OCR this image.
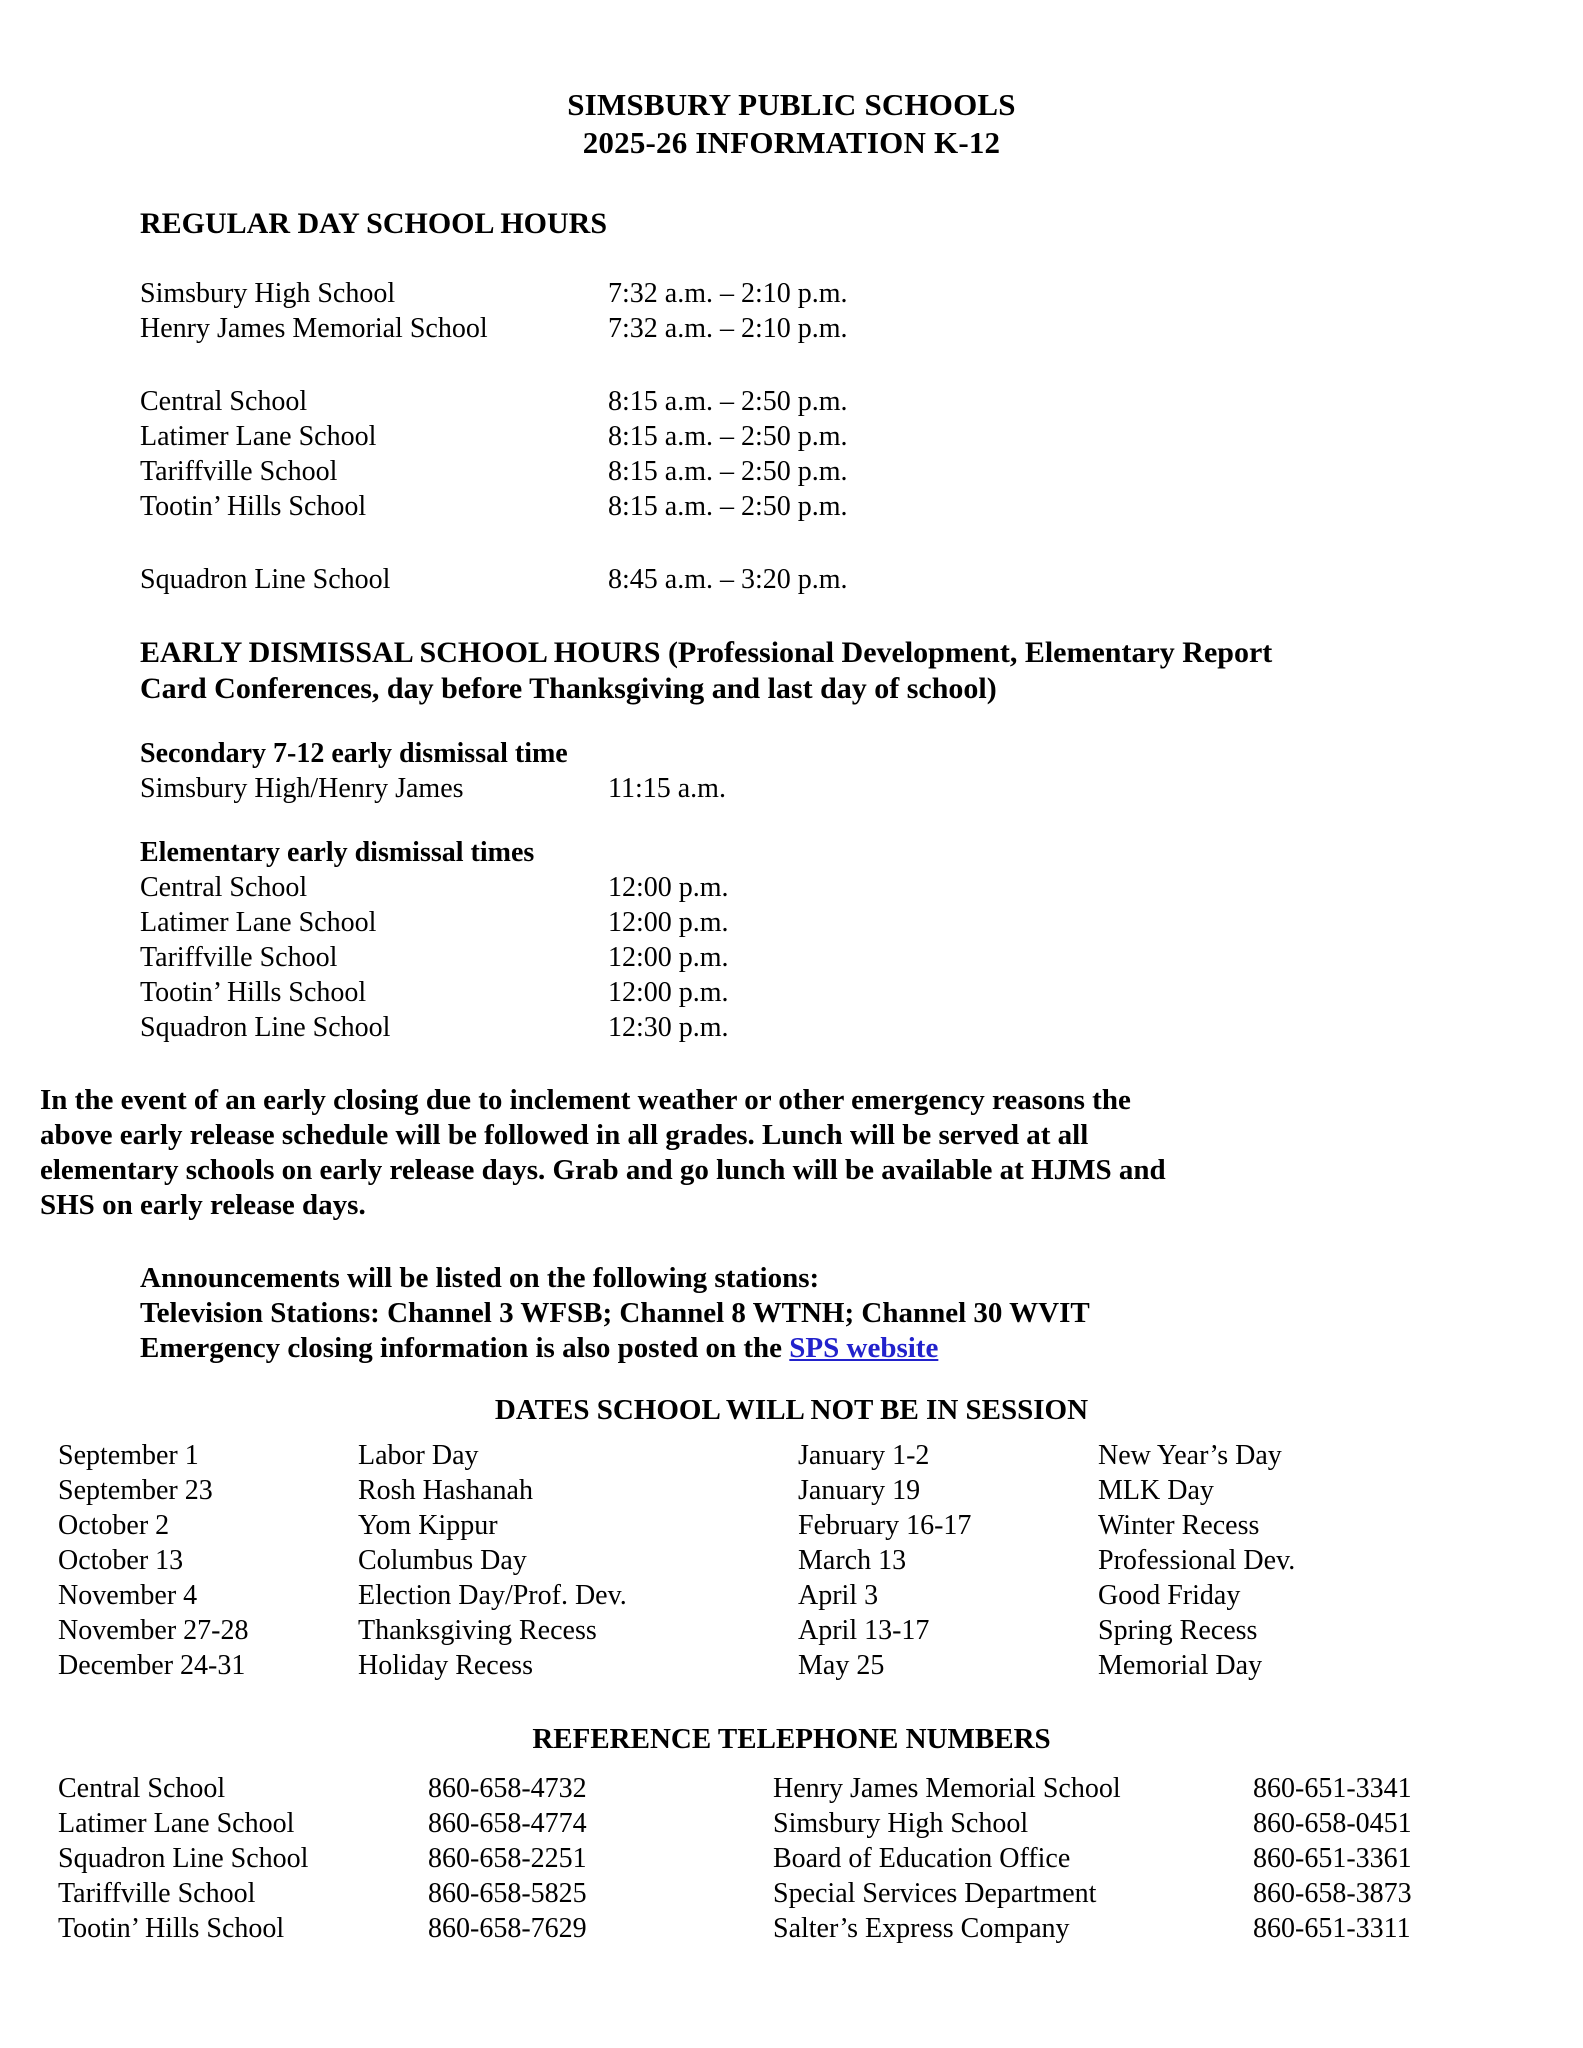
SIMSBURY PUBLIC SCHOOLS
2025-26 INFORMATION K-12
REGULAR DAY SCHOOL HOURS
Simsbury High School	7:32 a.m. – 2:10 p.m.
Henry James Memorial School	7:32 a.m. – 2:10 p.m.
Central School	8:15 a.m. – 2:50 p.m.
Latimer Lane School	8:15 a.m. – 2:50 p.m.
Tariffville School	8:15 a.m. – 2:50 p.m.
Tootin’ Hills School	8:15 a.m. – 2:50 p.m.
Squadron Line School	8:45 a.m. – 3:20 p.m.
EARLY DISMISSAL SCHOOL HOURS (Professional Development, Elementary Report
Card Conferences, day before Thanksgiving and last day of school)
Secondary 7-12 early dismissal time
Simsbury High/Henry James	11:15 a.m.
Elementary early dismissal times
Central School	12:00 p.m.
Latimer Lane School	12:00 p.m.
Tariffville School	12:00 p.m.
Tootin’ Hills School	12:00 p.m.
Squadron Line School	12:30 p.m.
In the event of an early closing due to inclement weather or other emergency reasons the
above early release schedule will be followed in all grades. Lunch will be served at all
elementary schools on early release days. Grab and go lunch will be available at HJMS and
SHS on early release days.
Announcements will be listed on the following stations:
Television Stations: Channel 3 WFSB; Channel 8 WTNH; Channel 30 WVIT
Emergency closing information is also posted on the SPS website
DATES SCHOOL WILL NOT BE IN SESSION
September 1	Labor Day	January 1-2	New Year’s Day
September 23	Rosh Hashanah	January 19	MLK Day
October 2	Yom Kippur	February 16-17	Winter Recess
October 13	Columbus Day	March 13	Professional Dev.
November 4	Election Day/Prof. Dev.	April 3	Good Friday
November 27-28	Thanksgiving Recess	April 13-17	Spring Recess
December 24-31	Holiday Recess	May 25	Memorial Day
REFERENCE TELEPHONE NUMBERS
Central School	860-658-4732	Henry James Memorial School	860-651-3341
Latimer Lane School	860-658-4774	Simsbury High School	860-658-0451
Squadron Line School	860-658-2251	Board of Education Office	860-651-3361
Tariffville School	860-658-5825	Special Services Department	860-658-3873
Tootin’ Hills School	860-658-7629	Salter’s Express Company	860-651-3311
